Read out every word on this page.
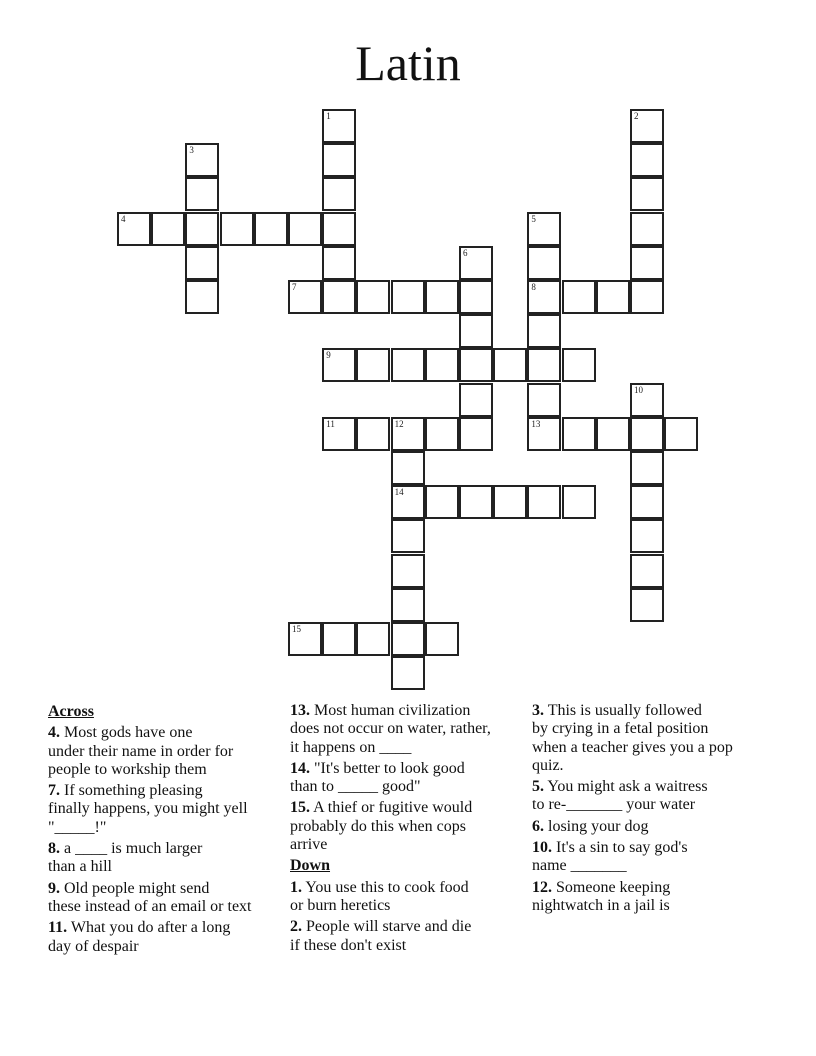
Latin
1	2
3
4	5
8
13
6
7
9
10
11	12
14
15
Across
4. Most gods have one
under their name in order for
people to workship them
7. If something pleasing
finally happens, you might yell
"_____!"
8. a ____ is much larger
than a hill
9. Old people might send
these instead of an email or text
11. What you do after a long
day of despair
13. Most human civilization
does not occur on water, rather,
it happens on ____
14. "It's better to look good
than to _____ good"
15. A thief or fugitive would
probably do this when cops
arrive
Down
1. You use this to cook food
or burn heretics
2. People will starve and die
if these don't exist
3. This is usually followed
by crying in a fetal position
when a teacher gives you a pop
quiz.
5. You might ask a waitress
to re-_______ your water
6. losing your dog
10. It's a sin to say god's
name _______
12. Someone keeping
nightwatch in a jail is
